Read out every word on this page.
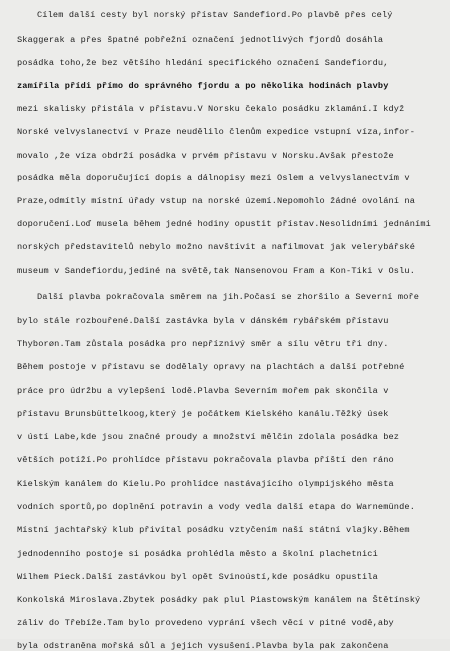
Cílem další cesty byl norský přístav Sandefiord.Po plavbě přes celý
Skaggerak a přes špatné pobřežní označení jednotlivých fjordů dosáhla
posádka toho,že bez většího hledání specifického označení Sandefiordu,
zamířila přídi přímo do správného fjordu a po několika hodinách plavby
mezi skalisky přistála v přístavu.V Norsku čekalo posádku zklamání.I když
Norské velvyslanectví v Praze neudělilo členům expedice vstupní víza,infor-
movalo ,že víza obdrží posádka v prvém přístavu v Norsku.Avšak přestože
posádka měla doporučující dopis a dálnopisy mezi Oslem a velvyslanectvím v
Praze,odmítly místní úřady vstup na norské území.Nepomohlo žádné ovolání na
doporučení.Loď musela během jedné hodiny opustit přístav.Nesolidními jednáními
norských představitelů nebylo možno navštívit a nafilmovat jak velerybářské
museum v Sandefiordu,jediné na světě,tak Nansenovou Fram a Kon-Tiki v Oslu.
Další plavba pokračovala směrem na jih.Počasí se zhoršilo a Severní moře
bylo stále rozbouřené.Další zastávka byla v dánském rybářském přístavu
Thyborøn.Tam zůstala posádka pro nepříznivý směr a sílu větru tři dny.
Během postoje v přístavu se dodělaly opravy na plachtách a další potřebné
práce pro údržbu a vylepšení lodě.Plavba Severním mořem pak skončila v
přístavu Brunsbüttelkoog,který je počátkem Kielského kanálu.Těžký úsek
v ústí Labe,kde jsou značné proudy a množství mělčin zdolala posádka bez
větších potíží.Po prohlídce přístavu pokračovala plavba příští den ráno
Kielským kanálem do Kielu.Po prohlídce nastávajícího olympijského města
vodních sportů,po doplnění potravin a vody vedla další etapa do Warnemünde.
Místní jachtařský klub přivítal posádku vztyčením naší státní vlajky.Během
jednodenního postoje si posádka prohlédla město a školní plachetnici
Wilhem Pieck.Další zastávkou byl opět Svinoústí,kde posádku opustila
Konkolská Miroslava.Zbytek posádky pak plul Piastowským kanálem na Štětínský
záliv do Třebíže.Tam bylo provedeno vyprání všech věcí v pitné vodě,aby
byla odstraněna mořská sůl a jejich vysušení.Plavba byla pak zakončena
